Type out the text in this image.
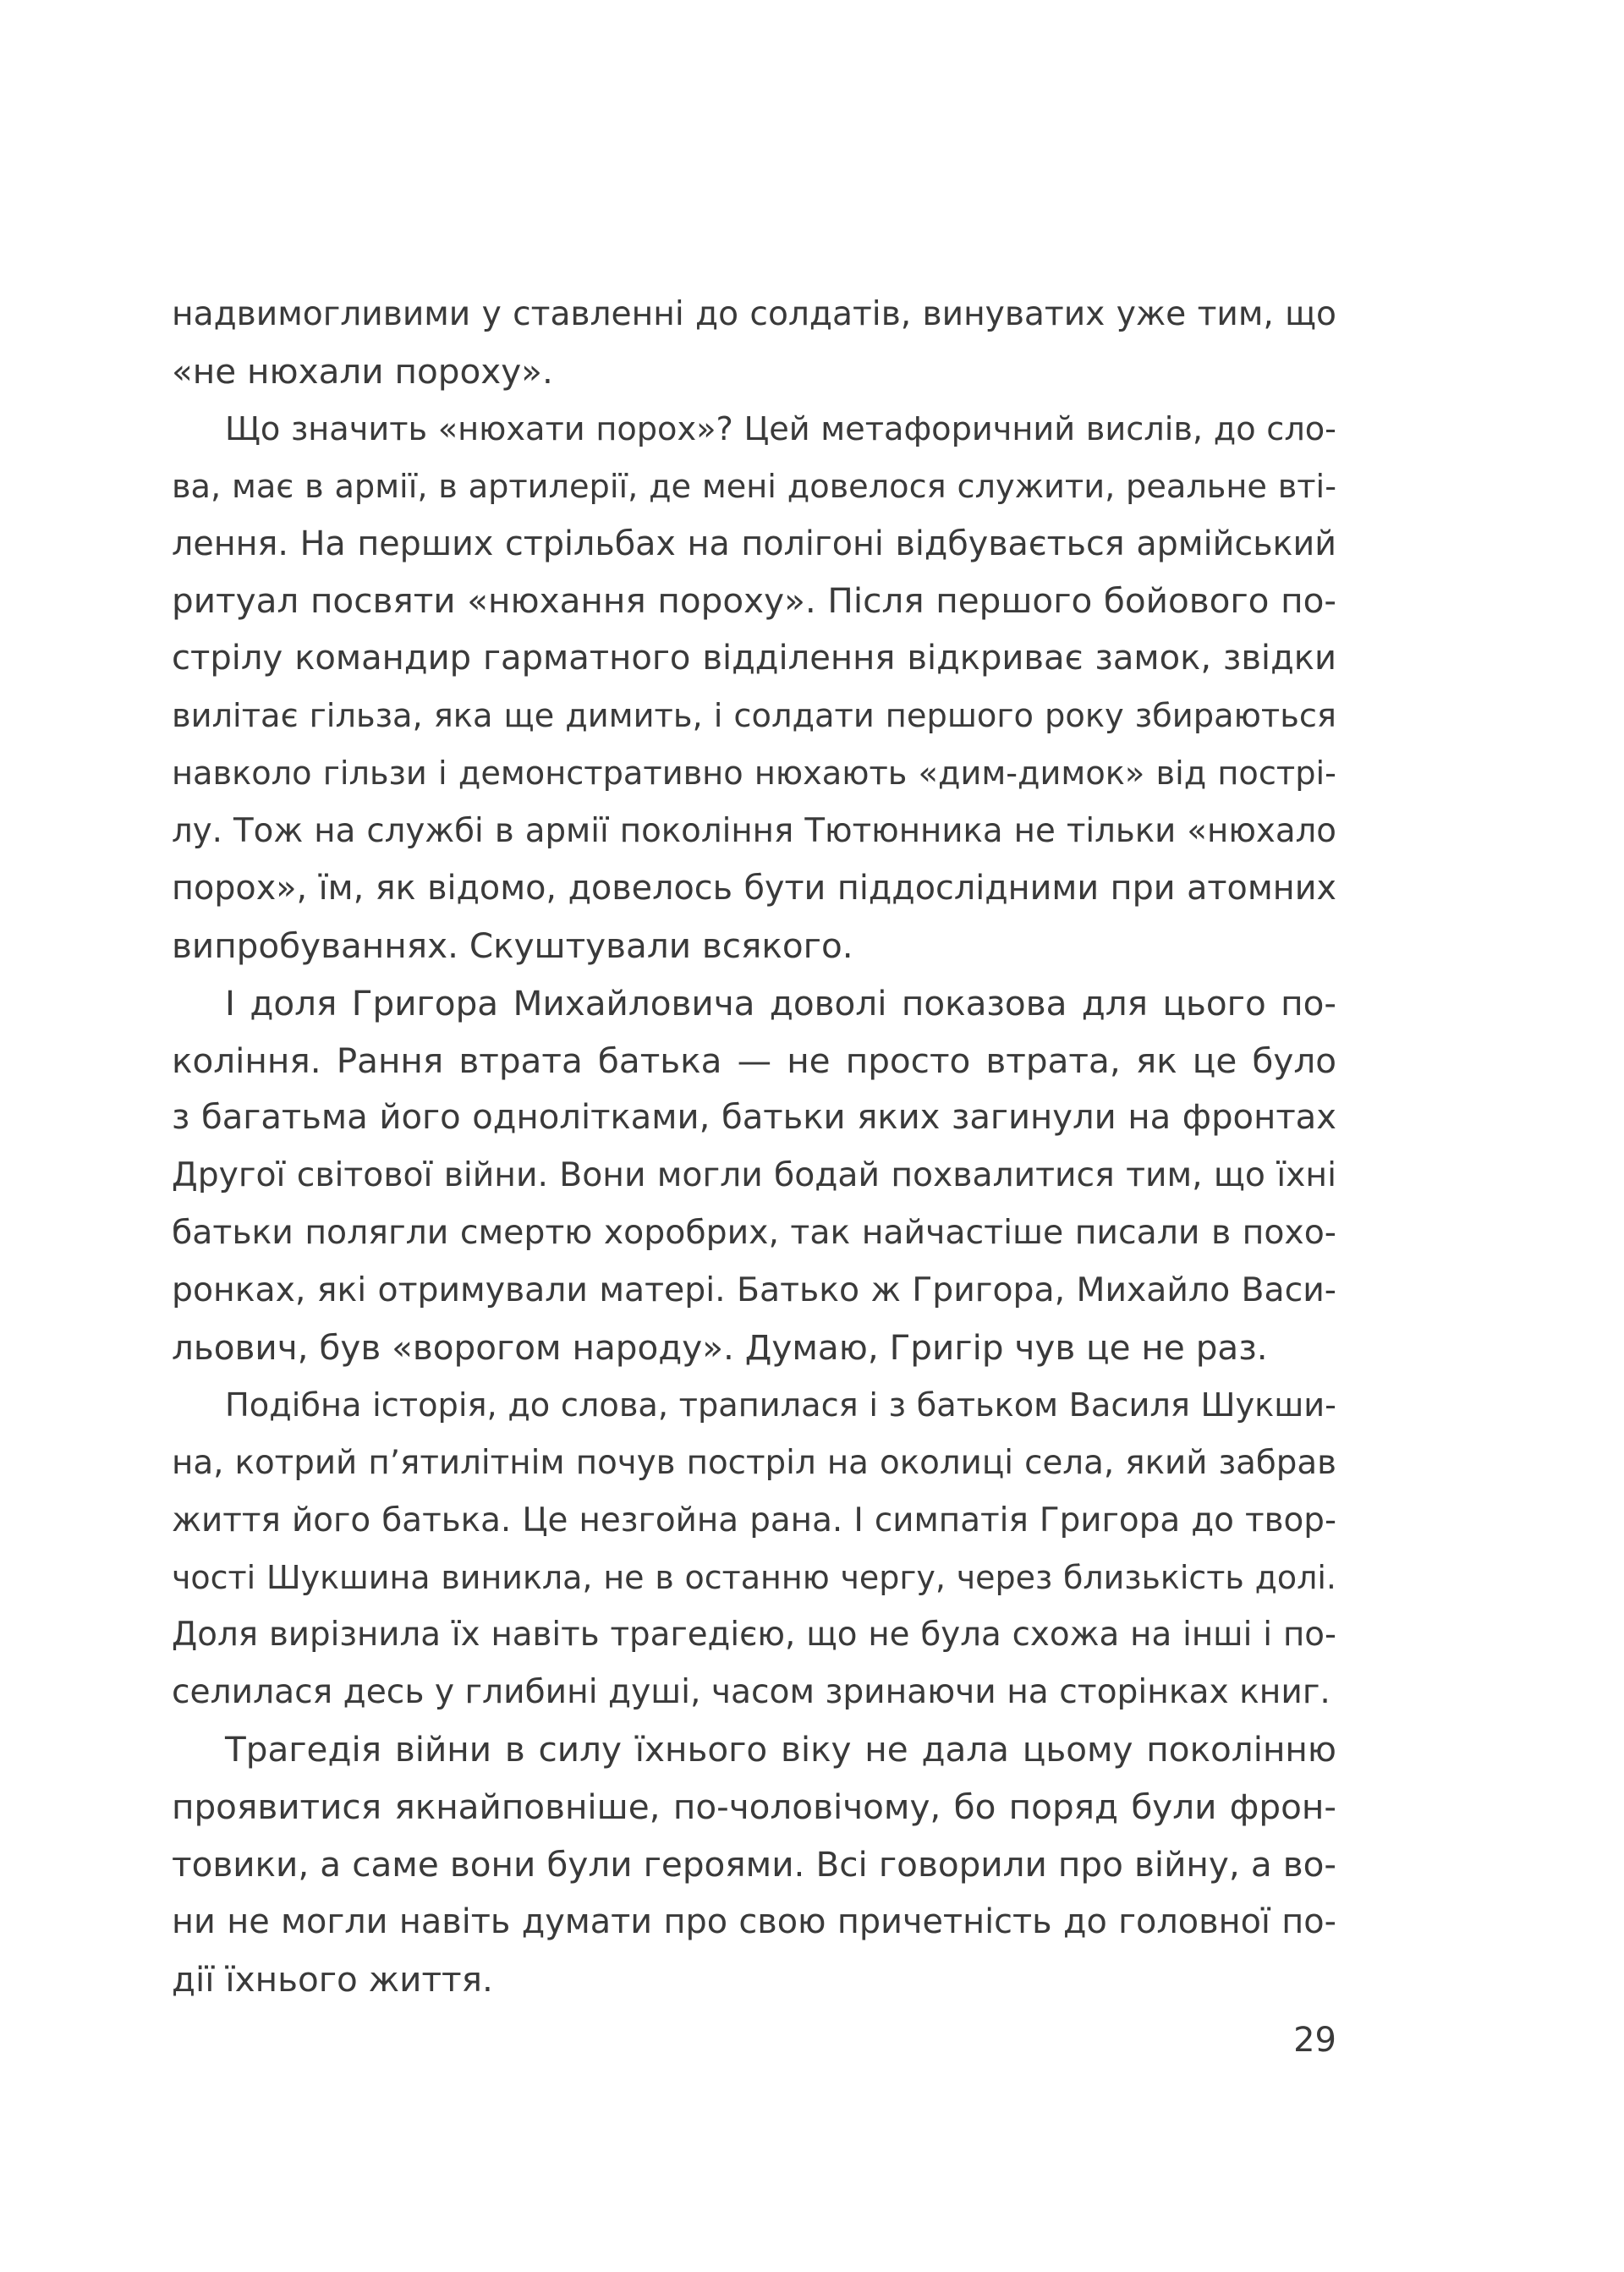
надвимогливими у ставленні до солдатів, винуватих уже тим, що
«не нюхали пороху».
Що значить «нюхати порох»? Цей метафоричний вислів, до сло-
ва, має в армії, в артилерії, де мені довелося служити, реальне вті-
лення. На перших стрільбах на полігоні відбувається армійський
ритуал посвяти «нюхання пороху». Після першого бойового по-
стрілу командир гарматного відділення відкриває замок, звідки
вилітає гільза, яка ще димить, і солдати першого року збираються
навколо гільзи і демонстративно нюхають «дим-димок» від пострі-
лу. Тож на службі в армії покоління Тютюнника не тільки «нюхало
порох», їм, як відомо, довелось бути піддослідними при атомних
випробуваннях. Скуштували всякого.
І доля Григора Михайловича доволі показова для цього по-
коління. Рання втрата батька — не просто втрата, як це було
з багатьма його однолітками, батьки яких загинули на фронтах
Другої світової війни. Вони могли бодай похвалитися тим, що їхні
батьки полягли смертю хоробрих, так найчастіше писали в похо-
ронках, які отримували матері. Батько ж Григора, Михайло Васи-
льович, був «ворогом народу». Думаю, Григір чув це не раз.
Подібна історія, до слова, трапилася і з батьком Василя Шукши-
на, котрий п’ятилітнім почув постріл на околиці села, який забрав
життя його батька. Це незгойна рана. І симпатія Григора до твор-
чості Шукшина виникла, не в останню чергу, через близькість долі.
Доля вирізнила їх навіть трагедією, що не була схожа на інші і по-
селилася десь у глибині душі, часом зринаючи на сторінках книг.
Трагедія війни в силу їхнього віку не дала цьому поколінню
проявитися якнайповніше, по-чоловічому, бо поряд були фрон-
товики, а саме вони були героями. Всі говорили про війну, а во-
ни не могли навіть думати про свою причетність до головної по-
дії їхнього життя.
29
